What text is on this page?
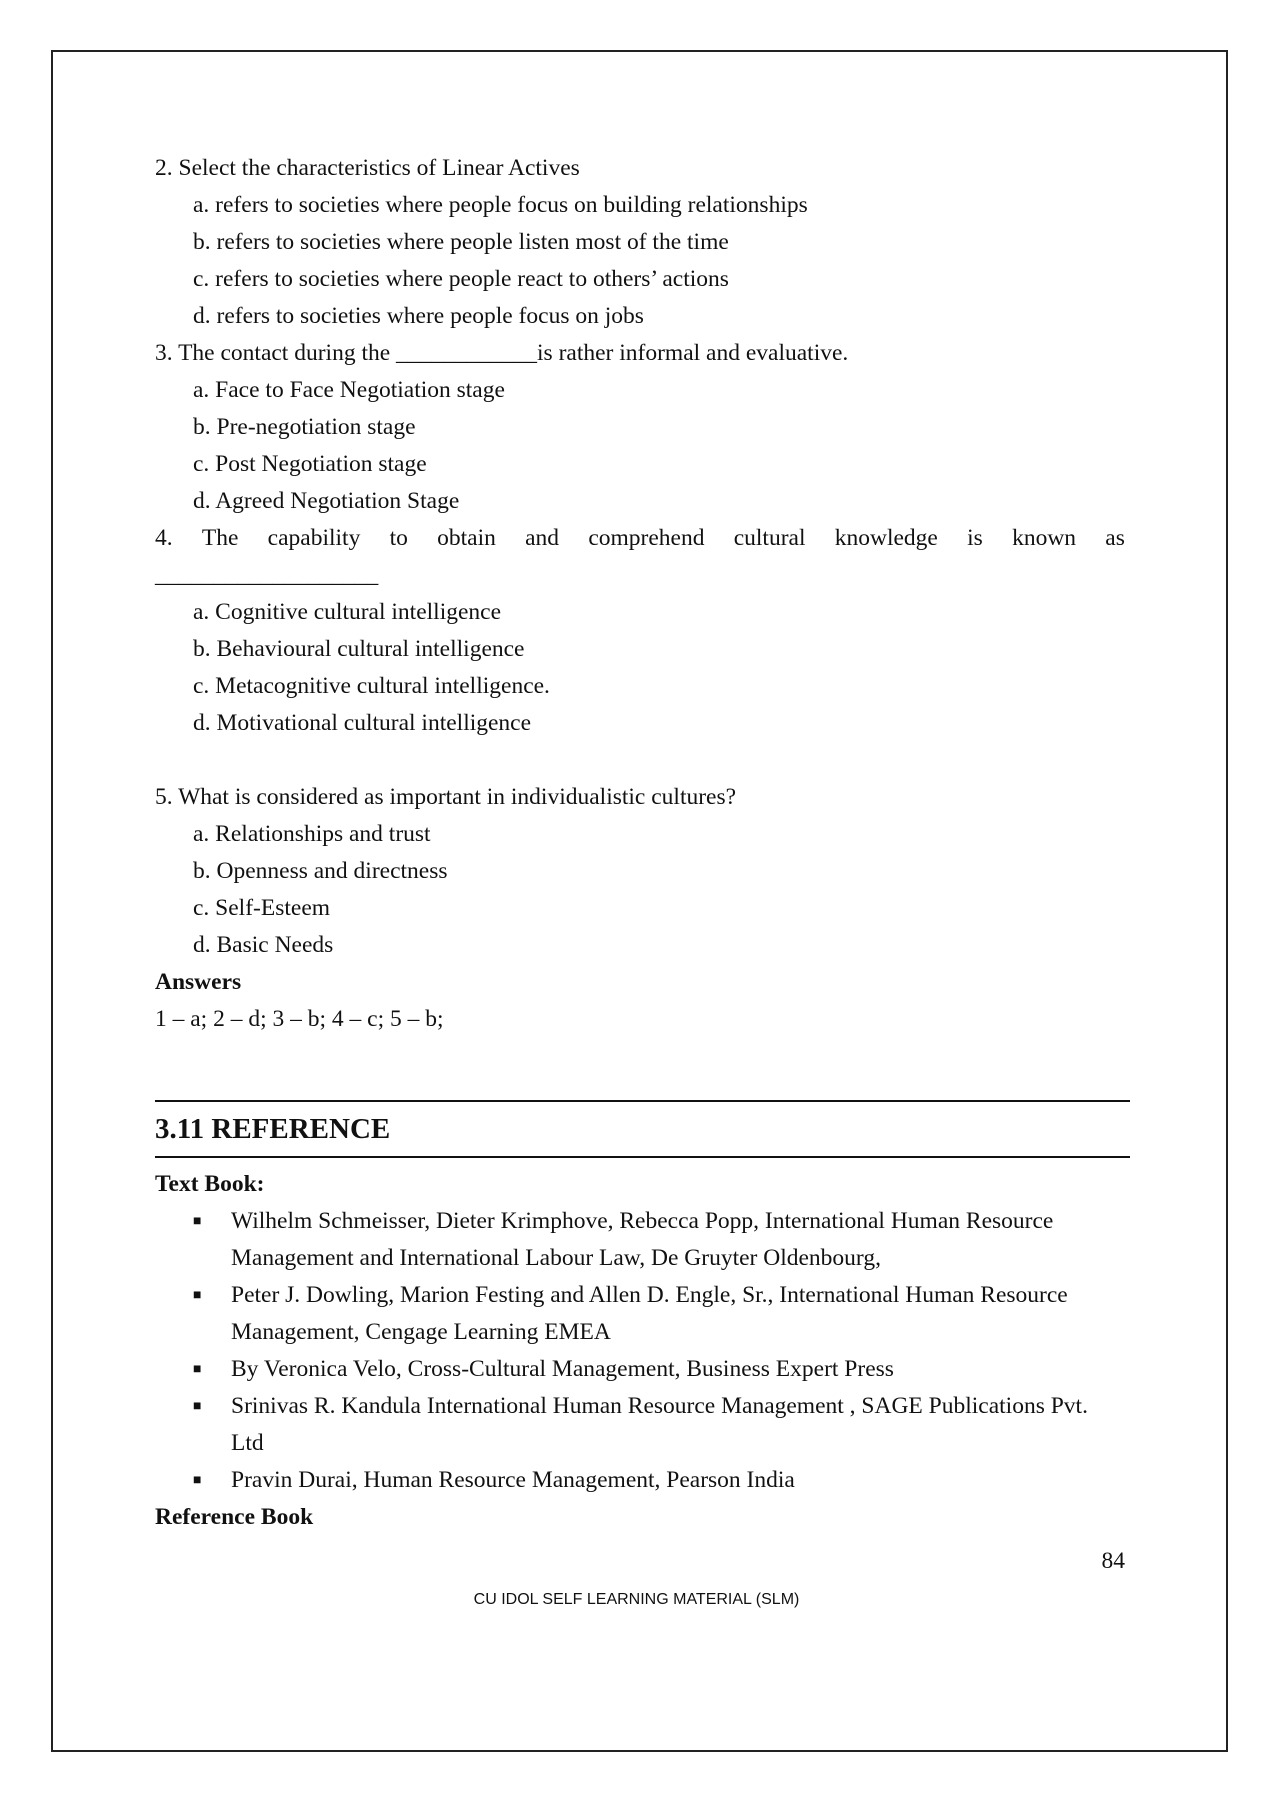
2. Select the characteristics of Linear Actives
a. refers to societies where people focus on building relationships
b. refers to societies where people listen most of the time
c. refers to societies where people react to others’ actions
d. refers to societies where people focus on jobs
3. The contact during the ____________is rather informal and evaluative.
a. Face to Face Negotiation stage
b. Pre-negotiation stage
c. Post Negotiation stage
d. Agreed Negotiation Stage
4. The capability to obtain and comprehend cultural knowledge is known as
___________________
a. Cognitive cultural intelligence
b. Behavioural cultural intelligence
c. Metacognitive cultural intelligence.
d. Motivational cultural intelligence
5. What is considered as important in individualistic cultures?
a. Relationships and trust
b. Openness and directness
c. Self-Esteem
d. Basic Needs
Answers
1 – a; 2 – d; 3 – b; 4 – c; 5 – b;
3.11 REFERENCE
Text Book:
■
Wilhelm Schmeisser, Dieter Krimphove, Rebecca Popp, International Human Resource Management and International Labour Law, De Gruyter Oldenbourg,
■
Peter J. Dowling, Marion Festing and Allen D. Engle, Sr., International Human Resource Management, Cengage Learning EMEA
■
By Veronica Velo, Cross-Cultural Management, Business Expert Press
■
Srinivas R. Kandula International Human Resource Management , SAGE Publications Pvt. Ltd
■
Pravin Durai, Human Resource Management, Pearson India
Reference Book
84
CU IDOL SELF LEARNING MATERIAL (SLM)
